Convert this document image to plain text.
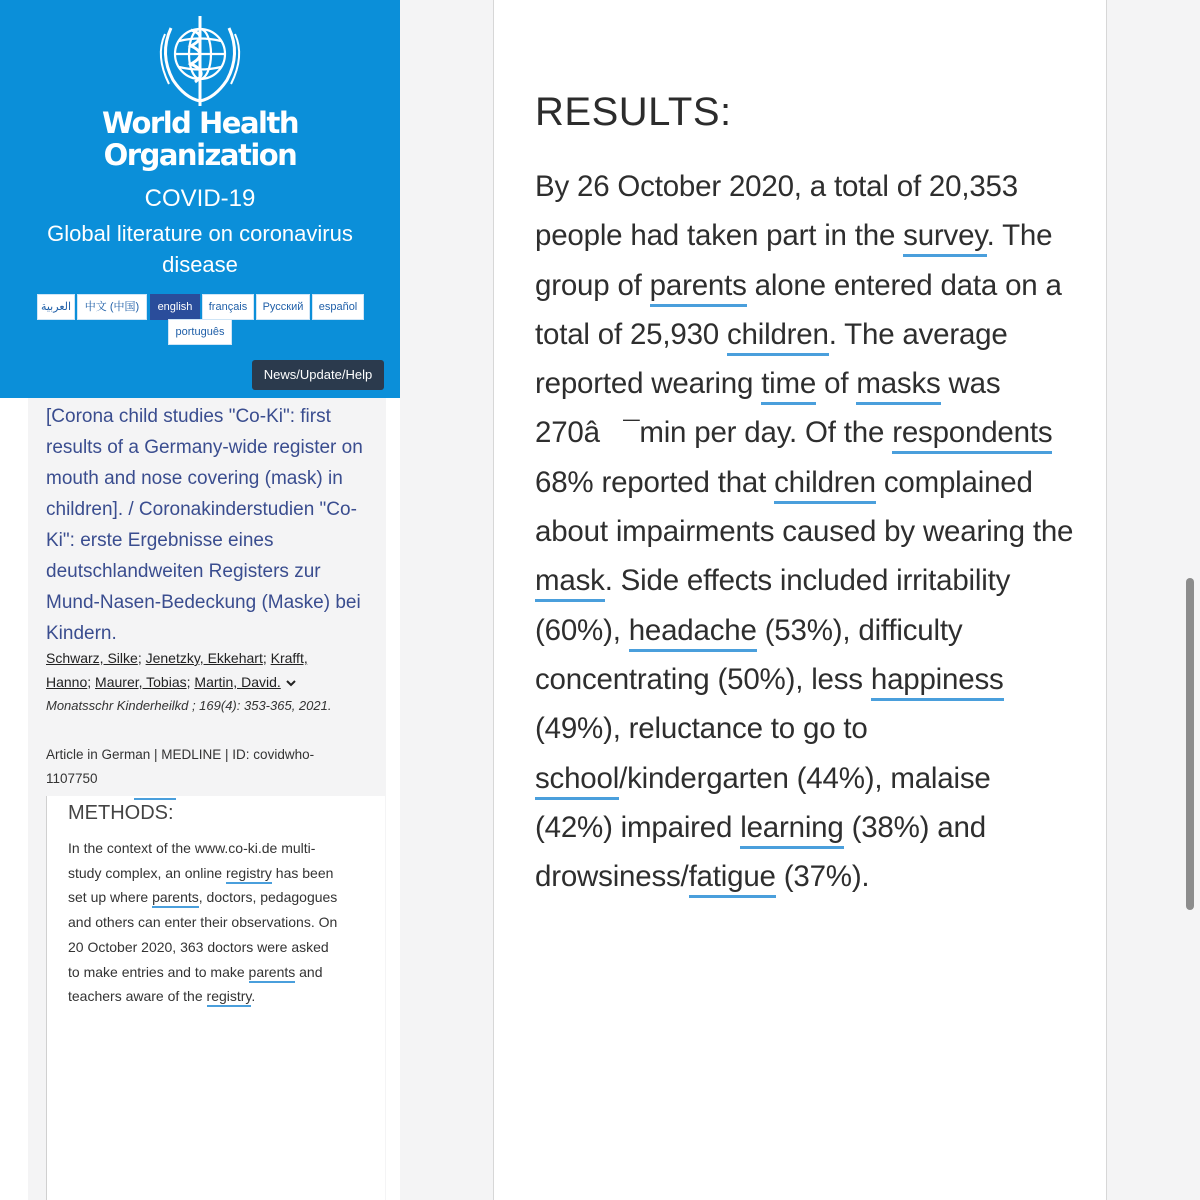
World Health
Organization
COVID-19
Global literature on coronavirus disease
العربية	中文 (中国)	english	français	Русский	español
português
News/Update/Help
[Corona child studies "Co-Ki": first results of a Germany-wide register on mouth and nose covering (mask) in children]. / Coronakinderstudien "Co-Ki": erste Ergebnisse eines deutschlandweiten Registers zur Mund-Nasen-Bedeckung (Maske) bei Kindern.
Schwarz, Silke; Jenetzky, Ekkehart; Krafft, Hanno; Maurer, Tobias; Martin, David.
Monatsschr Kinderheilkd ; 169(4): 353-365, 2021.
Article in German | MEDLINE | ID: covidwho-1107750
METHODS:
In the context of the www.co-ki.de multi-study complex, an online registry has been set up where parents, doctors, pedagogues and others can enter their observations. On 20 October 2020, 363 doctors were asked to make entries and to make parents and teachers aware of the registry.
RESULTS:
By 26 October 2020, a total of 20,353 people had taken part in the survey. The group of parents alone entered data on a total of 25,930 children. The average reported wearing time of masks was 270â¯min per day. Of the respondents 68% reported that children complained about impairments caused by wearing the mask. Side effects included irritability (60%), headache (53%), difficulty concentrating (50%), less happiness (49%), reluctance to go to school/kindergarten (44%), malaise (42%) impaired learning (38%) and drowsiness/fatigue (37%).
